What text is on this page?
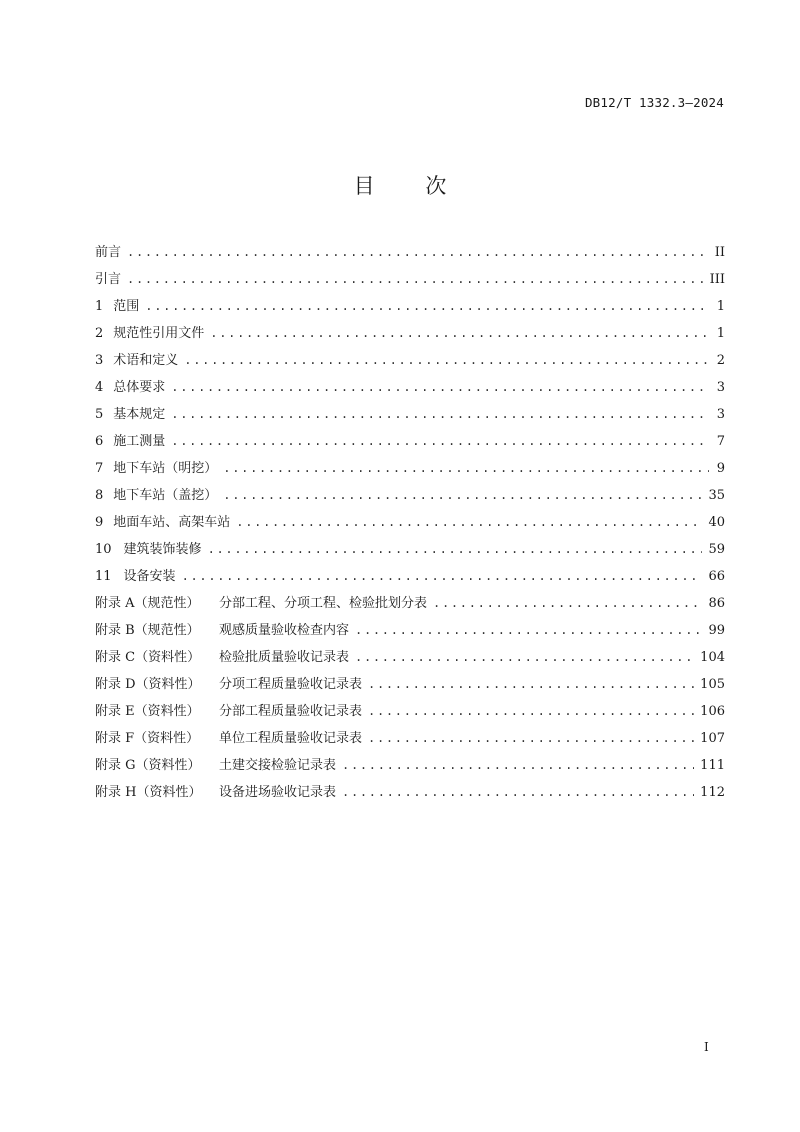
DB12/T 1332.3—2024
目 次
前言 .....	II
引言 .....	III
1 范围 .....	1
2 规范性引用文件 .....	1
3 术语和定义 .....	2
4 总体要求 .....	3
5 基本规定 .....	3
6 施工测量 .....	7
7 地下车站（明挖） .....	9
8 地下车站（盖挖） .....	35
9 地面车站、高架车站 .....	40
10 建筑装饰装修 .....	59
11 设备安装 .....	66
附录 A（规范性）	分部工程、分项工程、检验批划分表 .....	86
附录 B（规范性）	观感质量验收检查内容 .....	99
附录 C（资料性）	检验批质量验收记录表 .....	104
附录 D（资料性）	分项工程质量验收记录表 .....	105
附录 E（资料性）	分部工程质量验收记录表 .....	106
附录 F（资料性）	单位工程质量验收记录表 .....	107
附录 G（资料性）	土建交接检验记录表 .....	111
附录 H（资料性）	设备进场验收记录表 .....	112
I
